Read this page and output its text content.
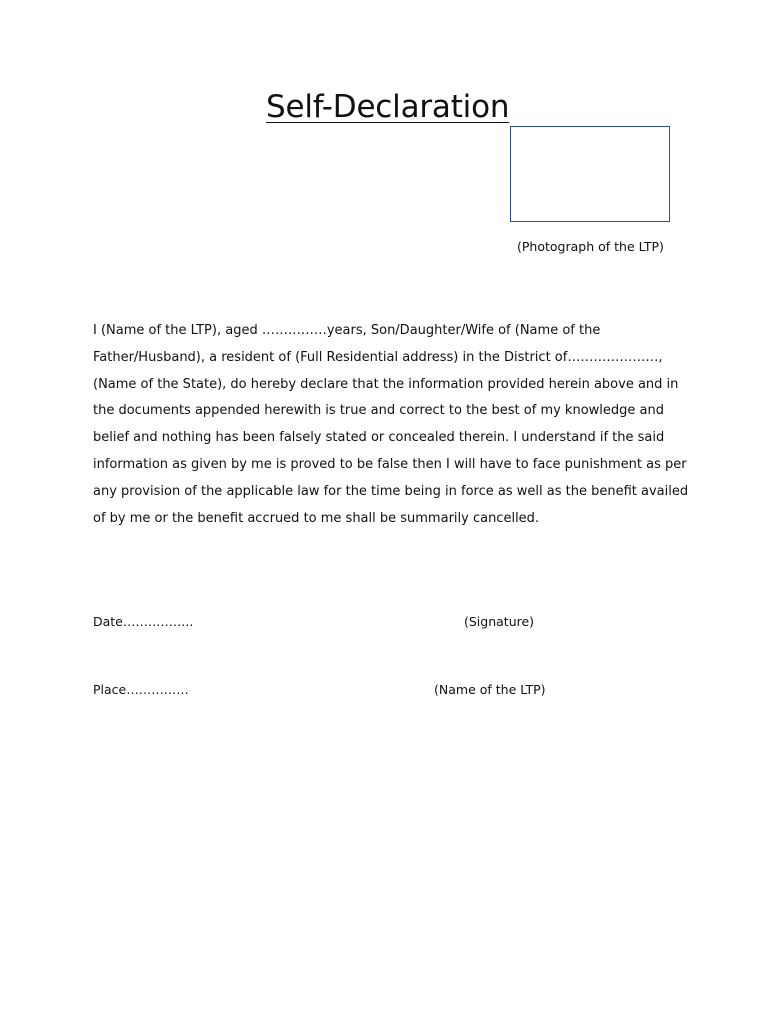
Self-Declaration
(Photograph of the LTP)
I (Name of the LTP), aged ……………years, Son/Daughter/Wife of (Name of the
Father/Husband), a resident of (Full Residential address) in the District of…………………,
(Name of the State), do hereby declare that the information provided herein above and in
the documents appended herewith is true and correct to the best of my knowledge and
belief and nothing has been falsely stated or concealed therein. I understand if the said
information as given by me is proved to be false then I will have to face punishment as per
any provision of the applicable law for the time being in force as well as the benefit availed
of by me or the benefit accrued to me shall be summarily cancelled.
Date……………..	(Signature)
Place……………	(Name of the LTP)
